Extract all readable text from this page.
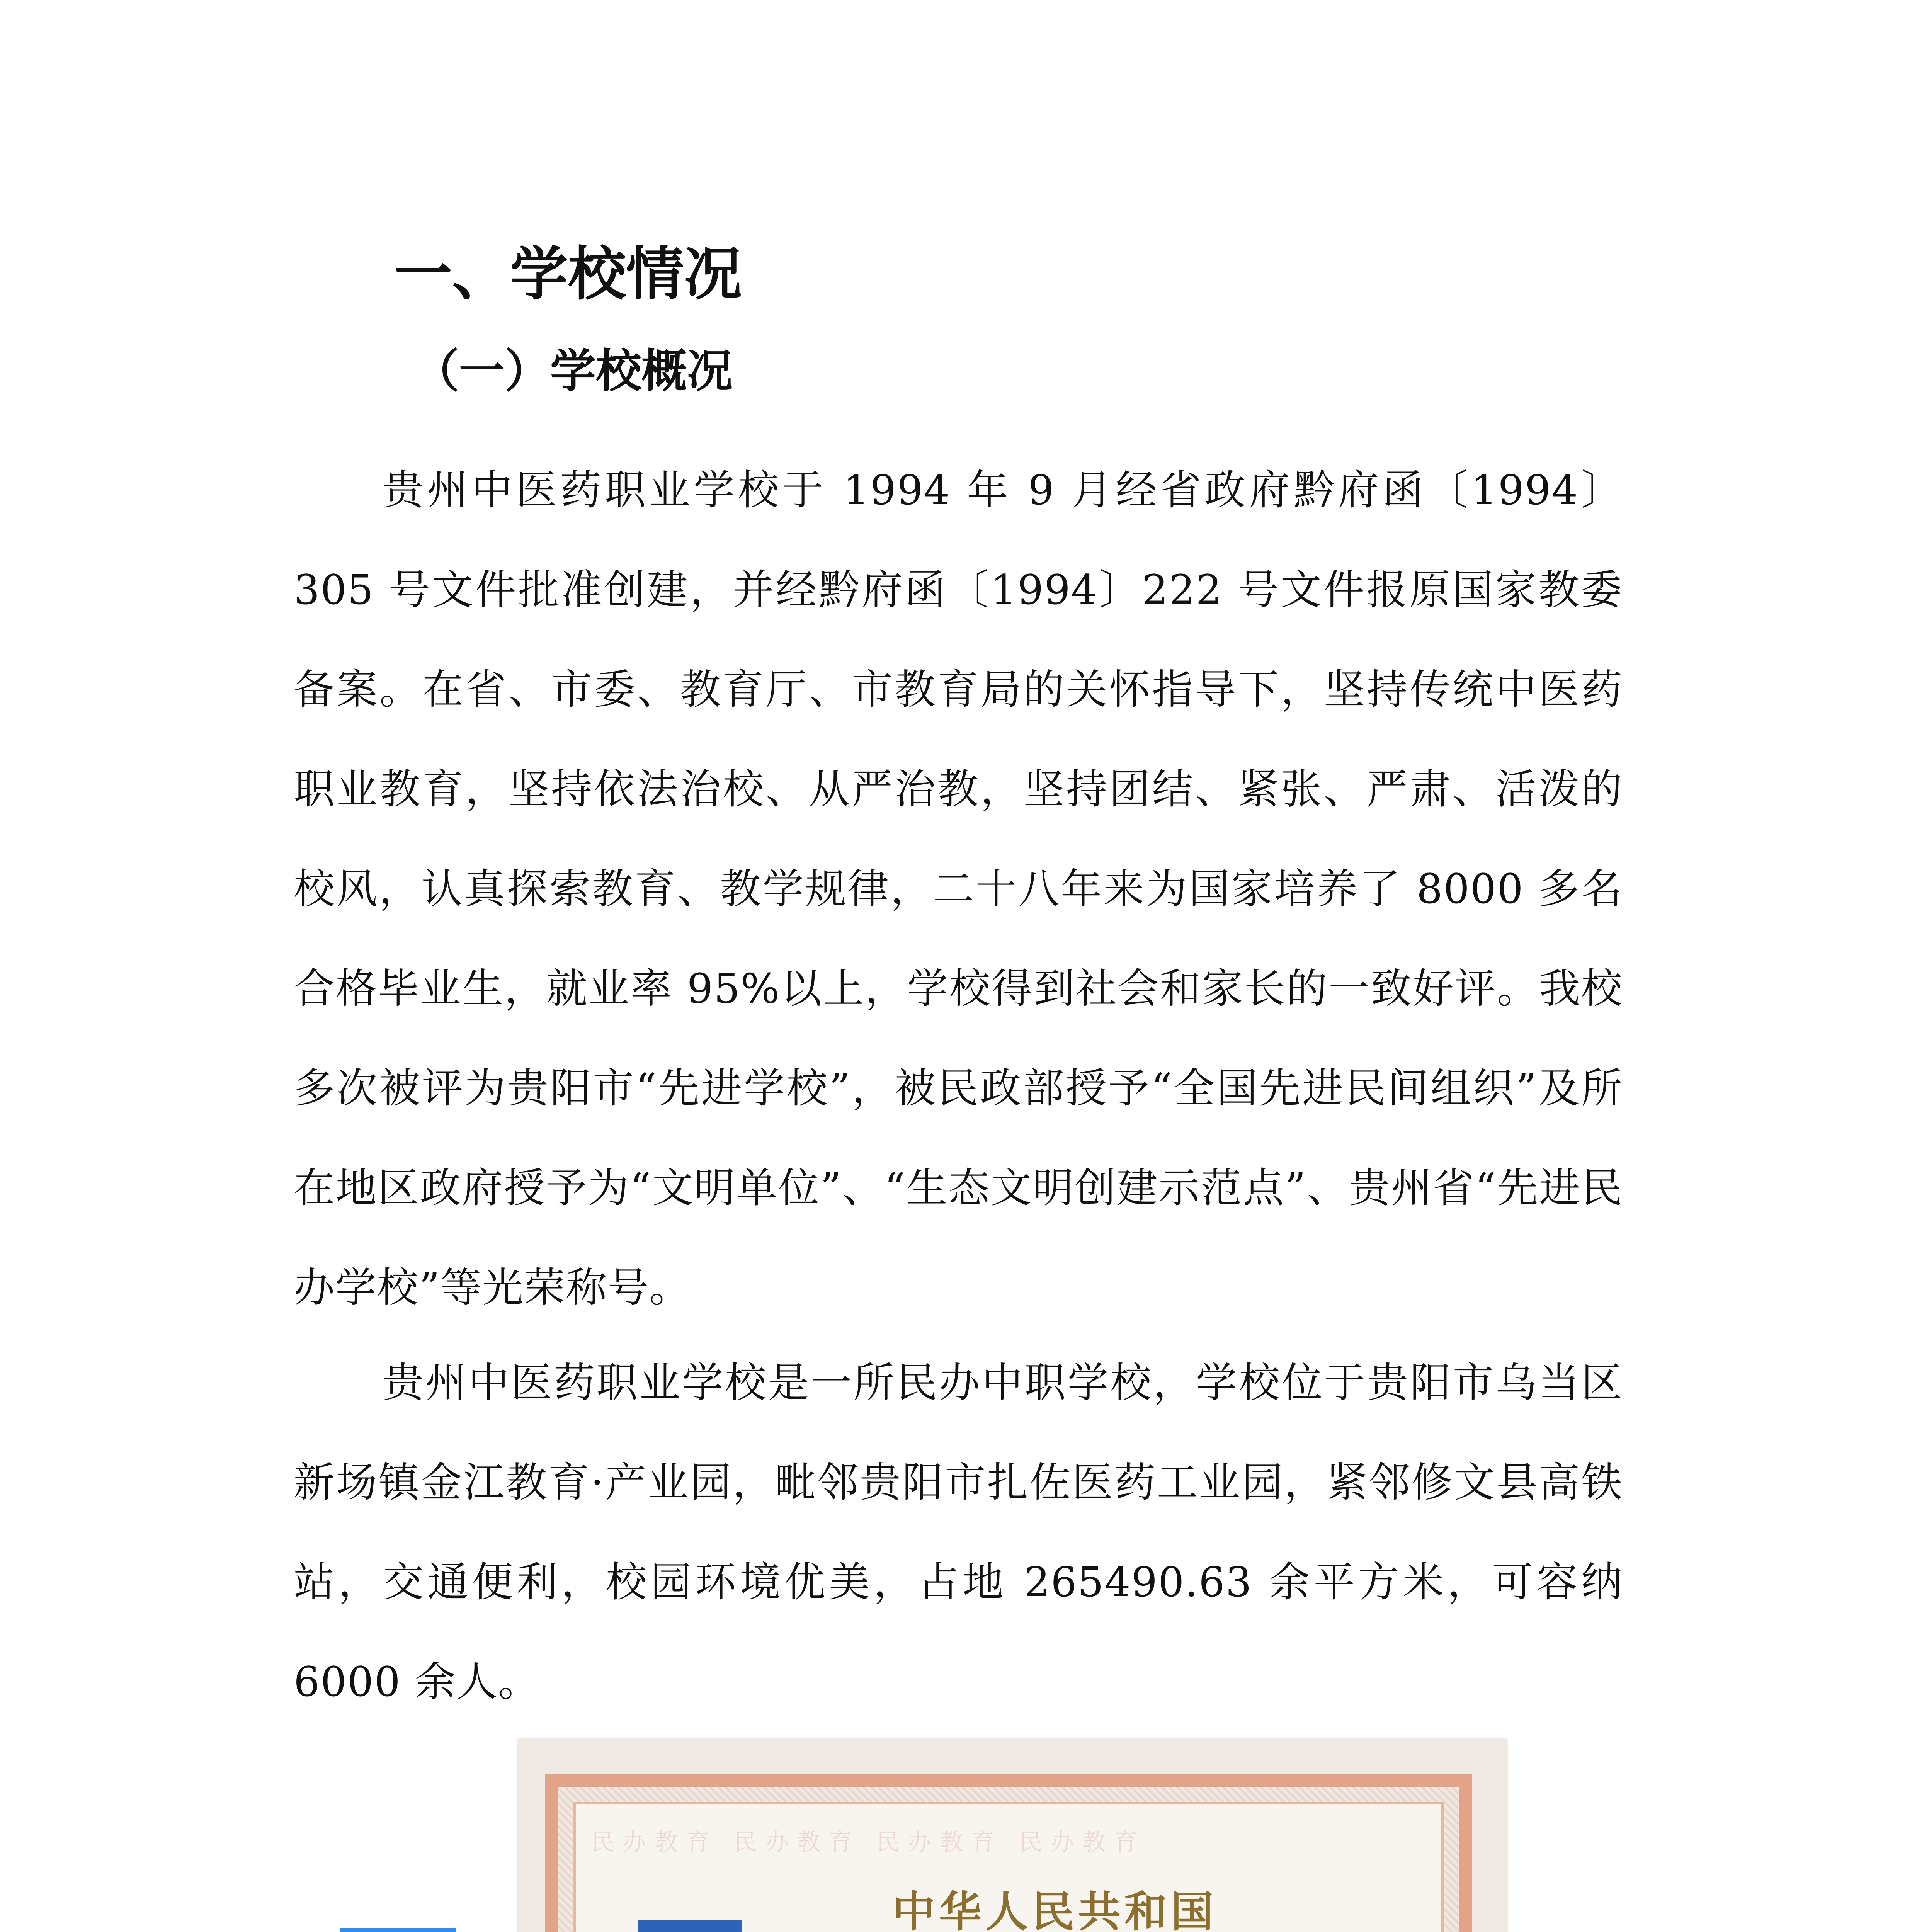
一、学校情况
（一）学校概况

贵州中医药职业学校于 1994 年 9 月经省政府黔府函〔1994〕305 号文件批准创建，并经黔府函〔1994〕222 号文件报原国家教委备案。在省、市委、教育厅、市教育局的关怀指导下，坚持传统中医药职业教育，坚持依法治校、从严治教，坚持团结、紧张、严肃、活泼的校风，认真探索教育、教学规律，二十八年来为国家培养了 8000 多名合格毕业生，就业率 95%以上，学校得到社会和家长的一致好评。我校多次被评为贵阳市“先进学校”，被民政部授予“全国先进民间组织”及所在地区政府授予为“文明单位”、“生态文明创建示范点”、贵州省“先进民办学校”等光荣称号。

贵州中医药职业学校是一所民办中职学校，学校位于贵阳市乌当区新场镇金江教育·产业园，毗邻贵阳市扎佐医药工业园，紧邻修文县高铁站，交通便利，校园环境优美，占地 265490.63 余平方米，可容纳 6000 余人。

民办教育 民办教育 民办教育 民办教育
中华人民共和国
